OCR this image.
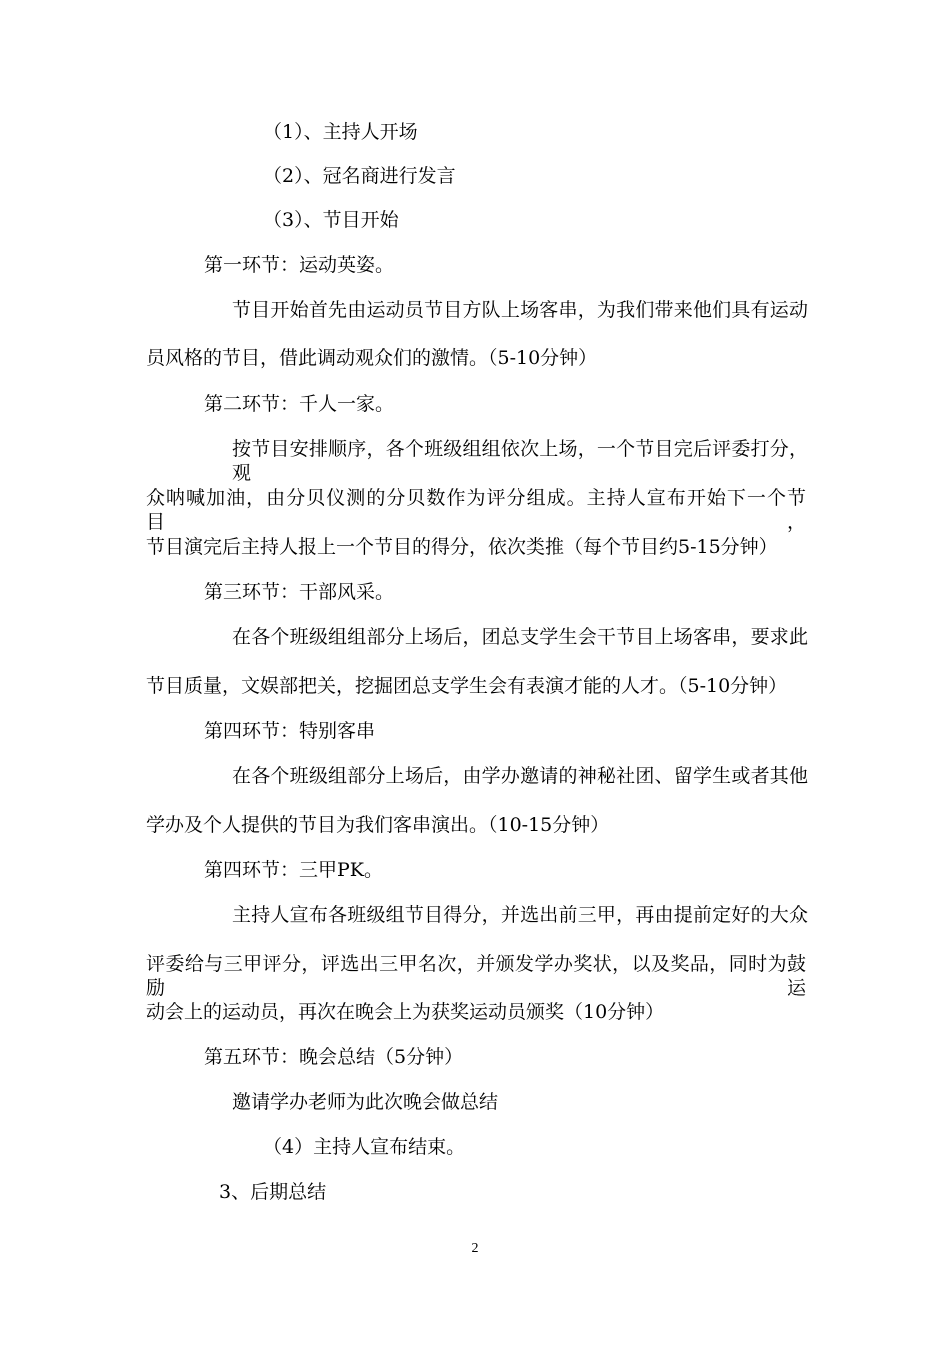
（1）、主持人开场

（2）、冠名商进行发言

（3）、节目开始

第一环节：运动英姿。

节目开始首先由运动员节目方队上场客串，为我们带来他们具有运动

员风格的节目，借此调动观众们的激情。（5-10分钟）

第二环节：千人一家。

按节目安排顺序，各个班级组组依次上场，一个节目完后评委打分，观

众呐喊加油，由分贝仪测的分贝数作为评分组成。主持人宣布开始下一个节目，

节目演完后主持人报上一个节目的得分，依次类推（每个节目约5-15分钟）

第三环节：干部风采。

在各个班级组组部分上场后，团总支学生会干节目上场客串，要求此

节目质量，文娱部把关，挖掘团总支学生会有表演才能的人才。（5-10分钟）

第四环节：特别客串

在各个班级组部分上场后，由学办邀请的神秘社团、留学生或者其他

学办及个人提供的节目为我们客串演出。（10-15分钟）

第四环节：三甲PK。

主持人宣布各班级组节目得分，并选出前三甲，再由提前定好的大众

评委给与三甲评分，评选出三甲名次，并颁发学办奖状，以及奖品，同时为鼓励运

动会上的运动员，再次在晚会上为获奖运动员颁奖（10分钟）

第五环节：晚会总结（5分钟）

邀请学办老师为此次晚会做总结

（4）主持人宣布结束。

3、后期总结

2
